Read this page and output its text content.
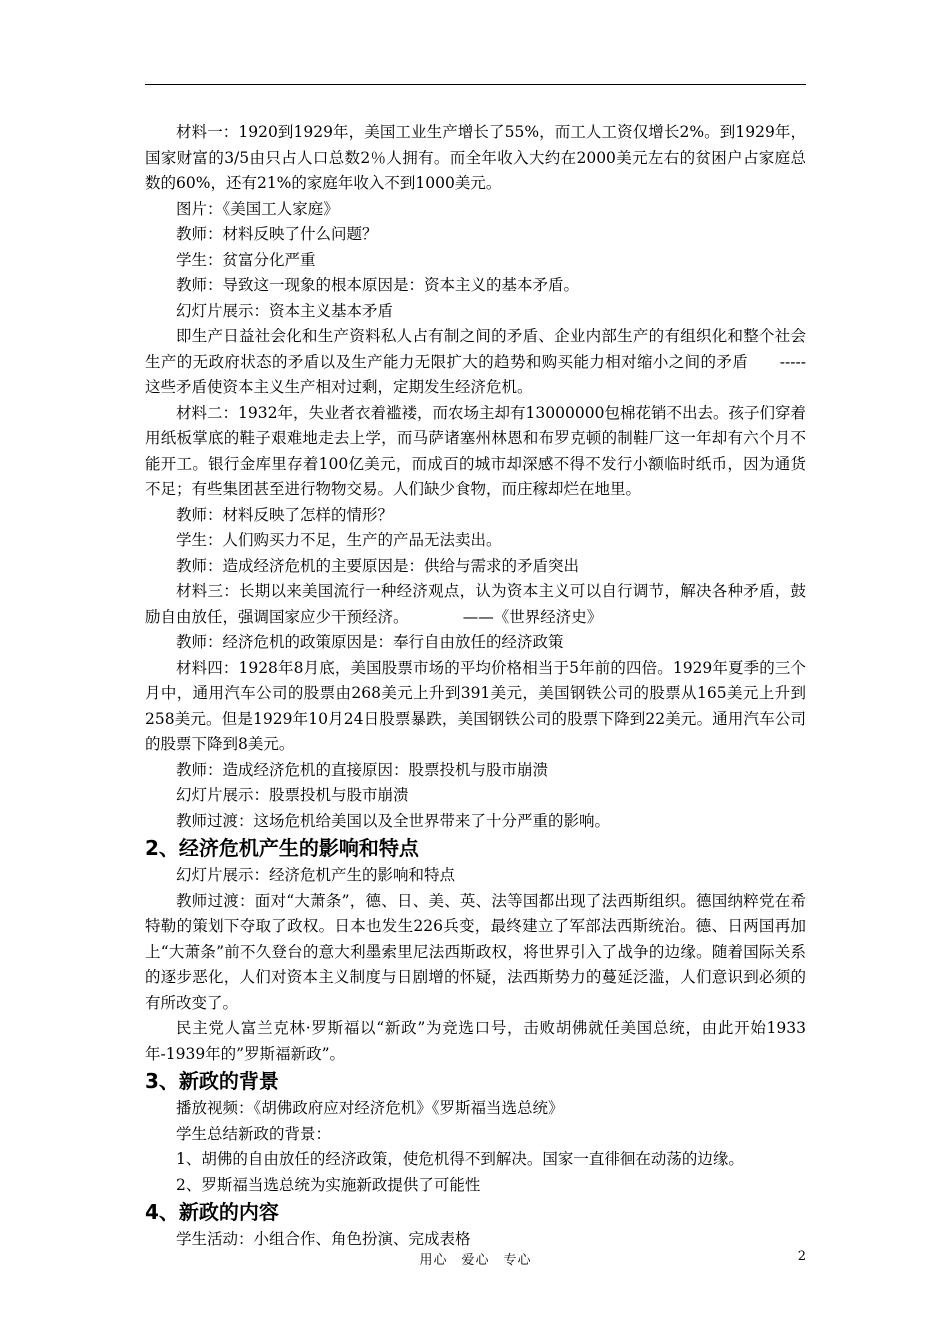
材料一：1920到1929年，美国工业生产增长了55%，而工人工资仅增长2%。到1929年，国家财富的3/5由只占人口总数2％人拥有。而全年收入大约在2000美元左右的贫困户占家庭总数的60%，还有21%的家庭年收入不到1000美元。

图片：《美国工人家庭》

教师：材料反映了什么问题？

学生：贫富分化严重

教师：导致这一现象的根本原因是：资本主义的基本矛盾。

幻灯片展示：资本主义基本矛盾

即生产日益社会化和生产资料私人占有制之间的矛盾、企业内部生产的有组织化和整个社会生产的无政府状态的矛盾以及生产能力无限扩大的趋势和购买能力相对缩小之间的矛盾　　-----这些矛盾使资本主义生产相对过剩，定期发生经济危机。

材料二：1932年，失业者衣着褴褛，而农场主却有13000000包棉花销不出去。孩子们穿着用纸板掌底的鞋子艰难地走去上学，而马萨诸塞州林恩和布罗克顿的制鞋厂这一年却有六个月不能开工。银行金库里存着100亿美元，而成百的城市却深感不得不发行小额临时纸币，因为通货不足；有些集团甚至进行物物交易。人们缺少食物，而庄稼却烂在地里。

教师：材料反映了怎样的情形？

学生：人们购买力不足，生产的产品无法卖出。

教师：造成经济危机的主要原因是：供给与需求的矛盾突出

材料三：长期以来美国流行一种经济观点，认为资本主义可以自行调节，解决各种矛盾，鼓励自由放任，强调国家应少干预经济。　　　　——《世界经济史》

教师：经济危机的政策原因是：奉行自由放任的经济政策

材料四：1928年8月底，美国股票市场的平均价格相当于5年前的四倍。1929年夏季的三个月中，通用汽车公司的股票由268美元上升到391美元，美国钢铁公司的股票从165美元上升到258美元。但是1929年10月24日股票暴跌，美国钢铁公司的股票下降到22美元。通用汽车公司的股票下降到8美元。

教师：造成经济危机的直接原因：股票投机与股市崩溃

幻灯片展示：股票投机与股市崩溃

教师过渡：这场危机给美国以及全世界带来了十分严重的影响。

2、经济危机产生的影响和特点

幻灯片展示：经济危机产生的影响和特点

教师过渡：面对“大萧条”，德、日、美、英、法等国都出现了法西斯组织。德国纳粹党在希特勒的策划下夺取了政权。日本也发生226兵变，最终建立了军部法西斯统治。德、日两国再加上“大萧条”前不久登台的意大利墨索里尼法西斯政权，将世界引入了战争的边缘。随着国际关系的逐步恶化，人们对资本主义制度与日剧增的怀疑，法西斯势力的蔓延泛滥，人们意识到必须的有所改变了。

民主党人富兰克林·罗斯福以“新政”为竞选口号，击败胡佛就任美国总统，由此开始1933年-1939年的”罗斯福新政”。

3、新政的背景

播放视频：《胡佛政府应对经济危机》《罗斯福当选总统》

学生总结新政的背景：

1、胡佛的自由放任的经济政策，使危机得不到解决。国家一直徘徊在动荡的边缘。

2、罗斯福当选总统为实施新政提供了可能性

4、新政的内容

学生活动：小组合作、角色扮演、完成表格

用心　爱心　专心	2
